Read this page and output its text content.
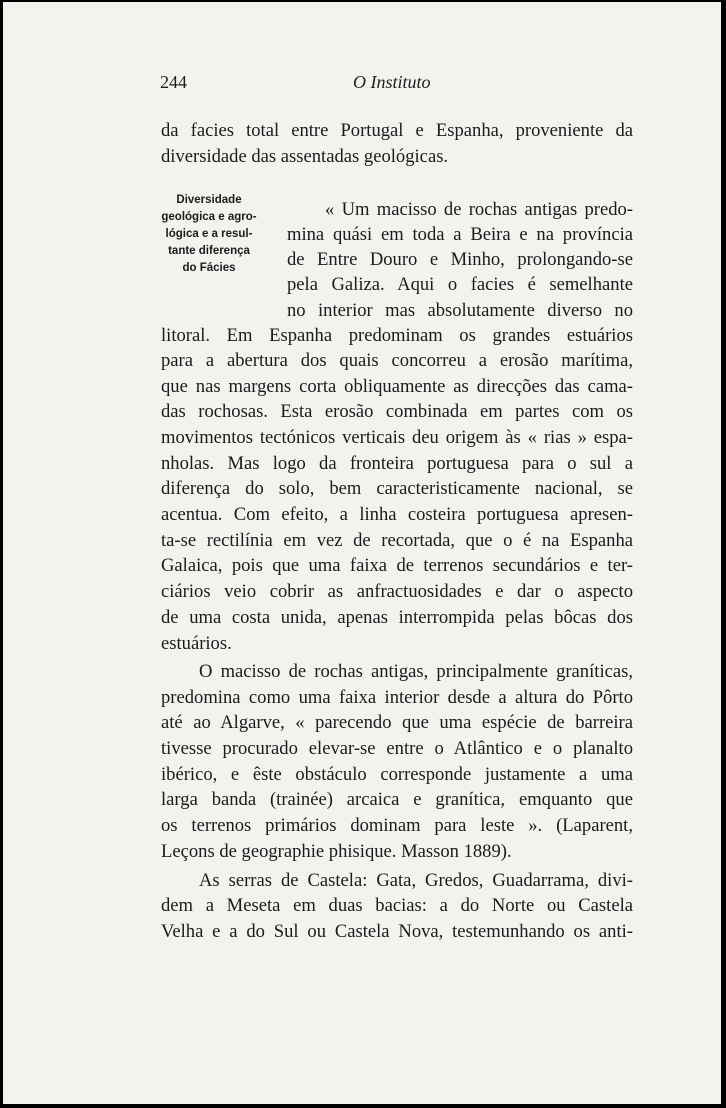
244	O Instituto
Diversidade
geológica e agro-
lógica e a resul-
tante diferença
do Fácies
da facies total entre Portugal e Espanha, proveniente da
diversidade das assentadas geológicas.
« Um macisso de rochas antigas predo-
mina quási em toda a Beira e na província
de Entre Douro e Minho, prolongando-se
pela Galiza. Aqui o facies é semelhante
no interior mas absolutamente diverso no
litoral. Em Espanha predominam os grandes estuários
para a abertura dos quais concorreu a erosão marítima,
que nas margens corta obliquamente as direcções das cama-
das rochosas. Esta erosão combinada em partes com os
movimentos tectónicos verticais deu origem às « rias » espa-
nholas. Mas logo da fronteira portuguesa para o sul a
diferença do solo, bem caracteristicamente nacional, se
acentua. Com efeito, a linha costeira portuguesa apresen-
ta-se rectilínia em vez de recortada, que o é na Espanha
Galaica, pois que uma faixa de terrenos secundários e ter-
ciários veio cobrir as anfractuosidades e dar o aspecto
de uma costa unida, apenas interrompida pelas bôcas dos
estuários.
O macisso de rochas antigas, principalmente graníticas,
predomina como uma faixa interior desde a altura do Pôrto
até ao Algarve, « parecendo que uma espécie de barreira
tivesse procurado elevar-se entre o Atlântico e o planalto
ibérico, e êste obstáculo corresponde justamente a uma
larga banda (trainée) arcaica e granítica, emquanto que
os terrenos primários dominam para leste ». (Laparent,
Leçons de geographie phisique. Masson 1889).
As serras de Castela: Gata, Gredos, Guadarrama, divi-
dem a Meseta em duas bacias: a do Norte ou Castela
Velha e a do Sul ou Castela Nova, testemunhando os anti-
